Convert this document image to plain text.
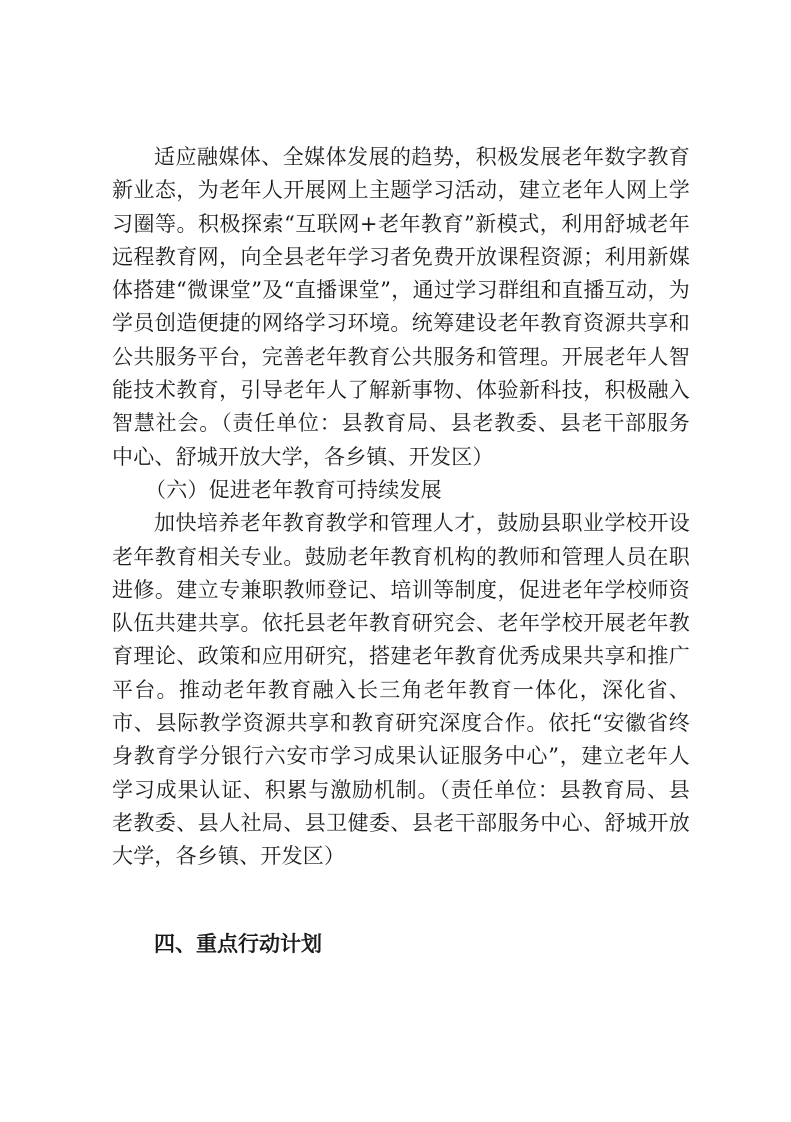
适应融媒体、全媒体发展的趋势，积极发展老年数字教育新业态，为老年人开展网上主题学习活动，建立老年人网上学习圈等。积极探索“互联网+老年教育”新模式，利用舒城老年远程教育网，向全县老年学习者免费开放课程资源；利用新媒体搭建“微课堂”及“直播课堂”，通过学习群组和直播互动，为学员创造便捷的网络学习环境。统筹建设老年教育资源共享和公共服务平台，完善老年教育公共服务和管理。开展老年人智能技术教育，引导老年人了解新事物、体验新科技，积极融入智慧社会。（责任单位：县教育局、县老教委、县老干部服务中心、舒城开放大学，各乡镇、开发区）

（六）促进老年教育可持续发展

加快培养老年教育教学和管理人才，鼓励县职业学校开设老年教育相关专业。鼓励老年教育机构的教师和管理人员在职进修。建立专兼职教师登记、培训等制度，促进老年学校师资队伍共建共享。依托县老年教育研究会、老年学校开展老年教育理论、政策和应用研究，搭建老年教育优秀成果共享和推广平台。推动老年教育融入长三角老年教育一体化，深化省、市、县际教学资源共享和教育研究深度合作。依托“安徽省终身教育学分银行六安市学习成果认证服务中心”，建立老年人学习成果认证、积累与激励机制。（责任单位：县教育局、县老教委、县人社局、县卫健委、县老干部服务中心、舒城开放大学，各乡镇、开发区）

四、重点行动计划
